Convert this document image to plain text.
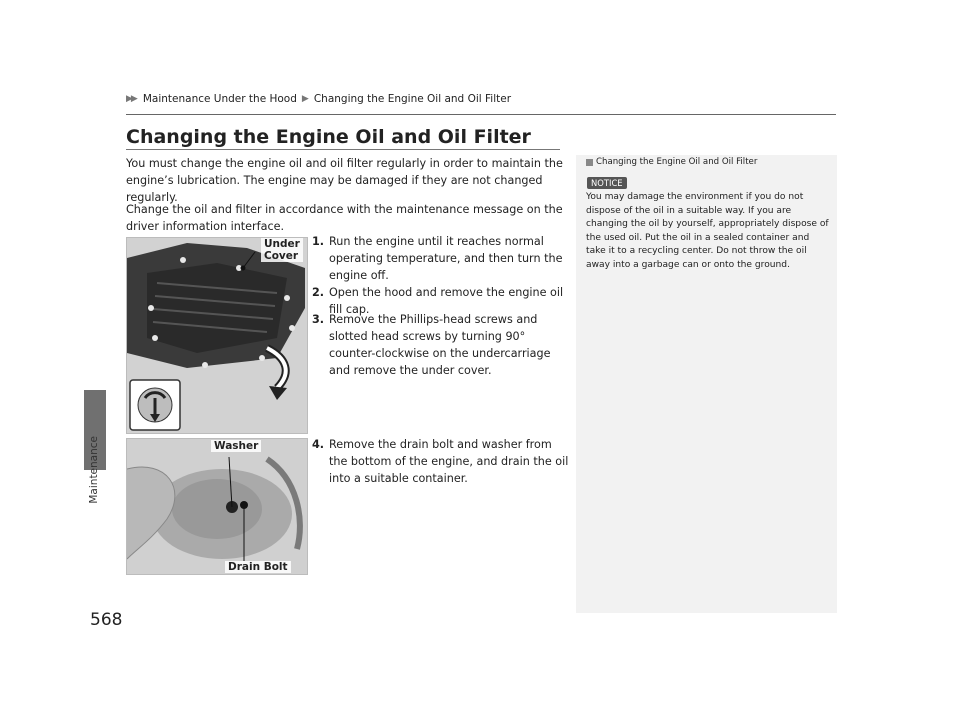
▶▶ Maintenance Under the Hood ▶ Changing the Engine Oil and Oil Filter
Maintenance
Changing the Engine Oil and Oil Filter
You must change the engine oil and oil filter regularly in order to maintain the engine’s lubrication. The engine may be damaged if they are not changed regularly.
Change the oil and filter in accordance with the maintenance message on the driver information interface.
Under
Cover
Washer
Drain Bolt
1. Run the engine until it reaches normal operating temperature, and then turn the engine off.
2. Open the hood and remove the engine oil fill cap.
3. Remove the Phillips-head screws and slotted head screws by turning 90° counter-clockwise on the undercarriage and remove the under cover.
4. Remove the drain bolt and washer from the bottom of the engine, and drain the oil into a suitable container.
Changing the Engine Oil and Oil Filter
NOTICE
You may damage the environment if you do not dispose of the oil in a suitable way. If you are changing the oil by yourself, appropriately dispose of the used oil. Put the oil in a sealed container and take it to a recycling center. Do not throw the oil away into a garbage can or onto the ground.
568
